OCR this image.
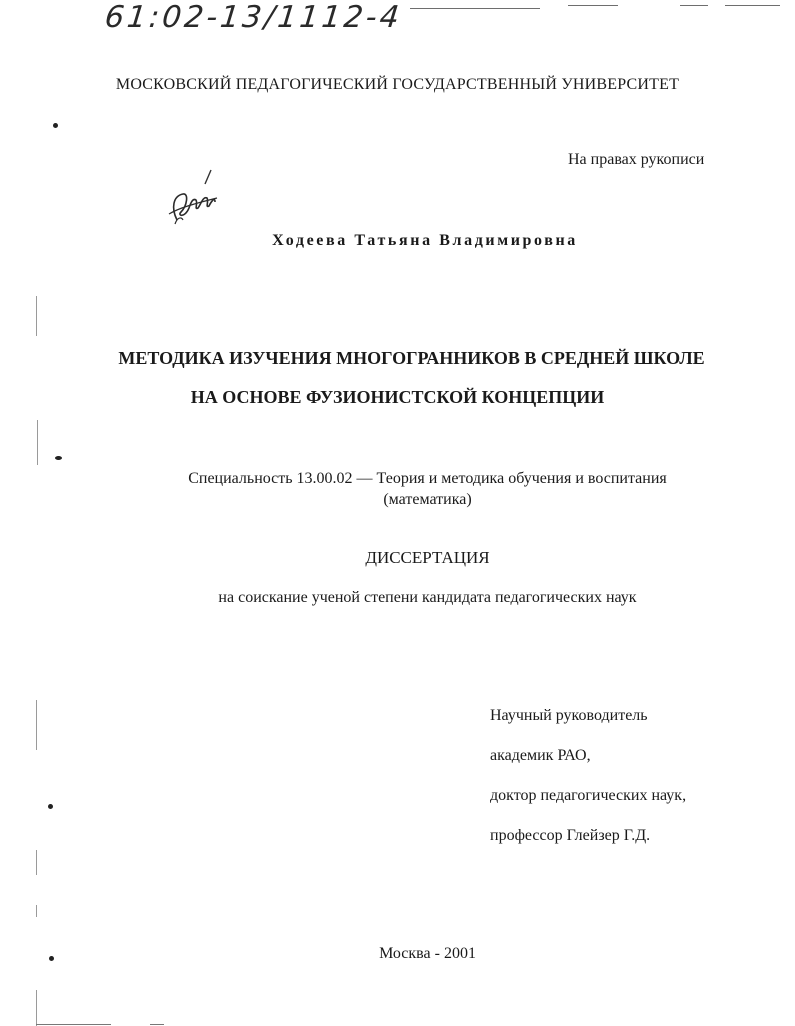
61:02-13/1112-4
МОСКОВСКИЙ ПЕДАГОГИЧЕСКИЙ ГОСУДАРСТВЕННЫЙ УНИВЕРСИТЕТ
На правах рукописи
Ходеева Татьяна Владимировна
МЕТОДИКА ИЗУЧЕНИЯ МНОГОГРАННИКОВ В СРЕДНЕЙ ШКОЛЕ
НА ОСНОВЕ ФУЗИОНИСТСКОЙ КОНЦЕПЦИИ
Специальность 13.00.02 — Теория и методика обучения и воспитания
(математика)
ДИССЕРТАЦИЯ
на соискание ученой степени кандидата педагогических наук
Научный руководитель
академик РАО,
доктор педагогических наук,
профессор Глейзер Г.Д.
Москва - 2001
